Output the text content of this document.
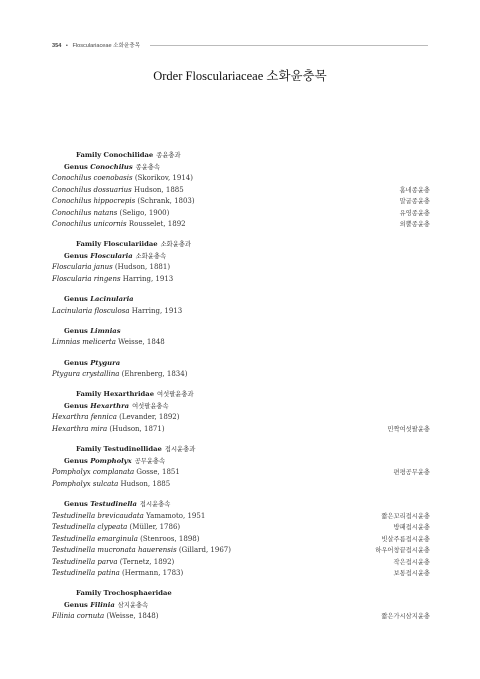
354 • Flosculariaceae 소화윤충목
Order Flosculariaceae 소화윤충목
Family Conochilidae 종윤충과
Genus Conochilus 종윤충속
Conochilus coenobasis (Skorikov, 1914)
Conochilus dossuarius Hudson, 1885	홈네종윤충
Conochilus hippocrepis (Schrank, 1803)	말굽종윤충
Conochilus natans (Seligo, 1900)	유영종윤충
Conochilus unicornis Rousselet, 1892	외뿔종윤충
Family Flosculariidae 소화윤충과
Genus Floscularia 소화윤충속
Floscularia janus (Hudson, 1881)
Floscularia ringens Harring, 1913
Genus Lacinularia
Lacinularia flosculosa Harring, 1913
Genus Limnias
Limnias melicerta Weisse, 1848
Genus Ptygura
Ptygura crystallina (Ehrenberg, 1834)
Family Hexarthridae 여섯팔윤충과
Genus Hexarthra 여섯팔윤충속
Hexarthra fennica (Levander, 1892)
Hexarthra mira (Hudson, 1871)	민짝여섯팔윤충
Family Testudinellidae 접시윤충과
Genus Pompholyx 공무윤충속
Pompholyx complanata Gosse, 1851	편평공무윤충
Pompholyx sulcata Hudson, 1885
Genus Testudinella 접시윤충속
Testudinella brevicaudata Yamamoto, 1951	짧은꼬리접시윤충
Testudinella clypeata (Müller, 1786)	방패접시윤충
Testudinella emarginula (Stenroos, 1898)	빗살주름접시윤충
Testudinella mucronata hauerensis (Gillard, 1967)	하우어창끝접시윤충
Testudinella parva (Ternetz, 1892)	작은접시윤충
Testudinella patina (Hermann, 1783)	보통접시윤충
Family Trochosphaeridae
Genus Filinia 삼지윤충속
Filinia cornuta (Weisse, 1848)	짧은가시삼지윤충
